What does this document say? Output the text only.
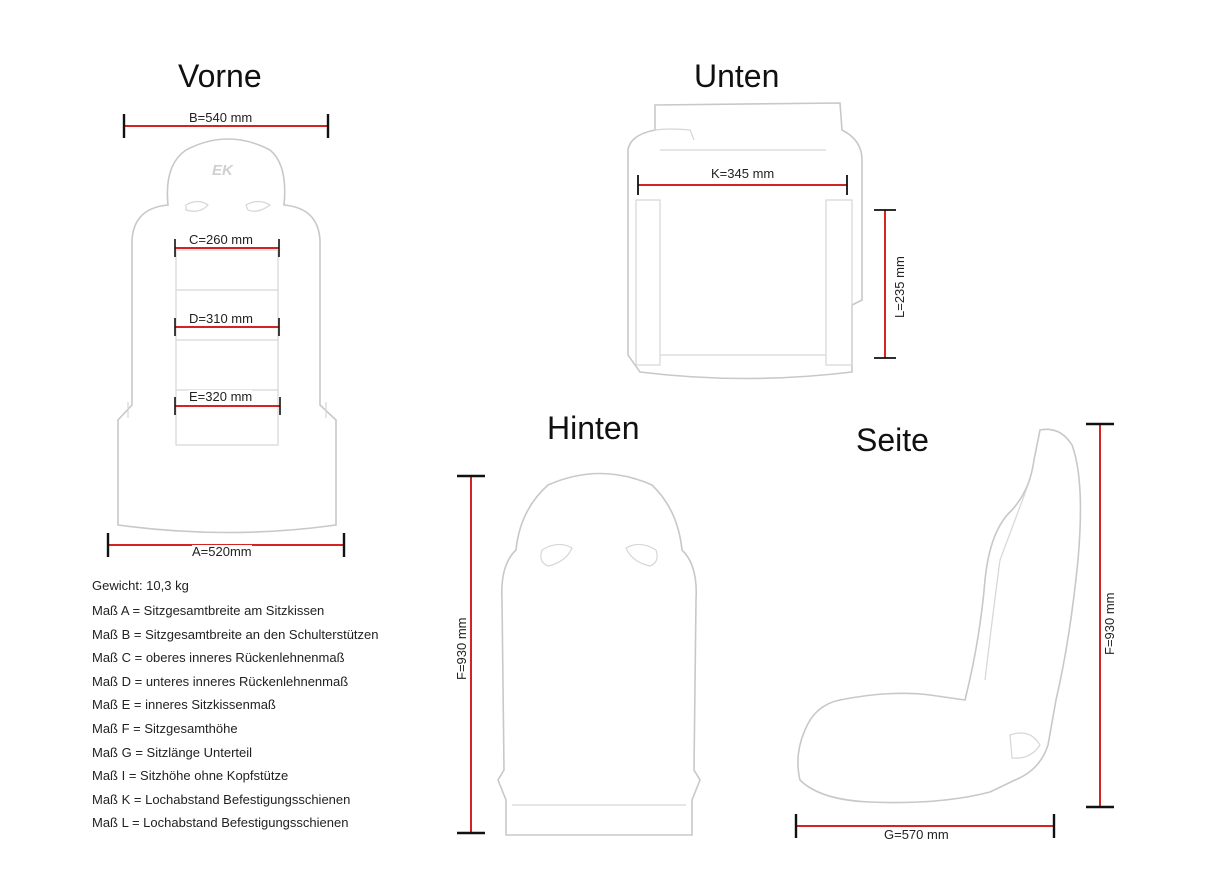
EK
Vorne	Unten
Hinten	Seite
B=540 mm
C=260 mm
D=310 mm
E=320 mm
A=520mm
K=345 mm
G=570 mm
L=235 mm
F=930 mm	F=930 mm
Gewicht: 10,3 kg
Maß A = Sitzgesamtbreite am Sitzkissen
Maß B = Sitzgesamtbreite an den Schulterstützen
Maß C = oberes inneres Rückenlehnenmaß
Maß D = unteres inneres Rückenlehnenmaß
Maß E = inneres Sitzkissenmaß
Maß F = Sitzgesamthöhe
Maß G = Sitzlänge Unterteil
Maß I = Sitzhöhe ohne Kopfstütze
Maß K = Lochabstand Befestigungsschienen
Maß L = Lochabstand Befestigungsschienen
